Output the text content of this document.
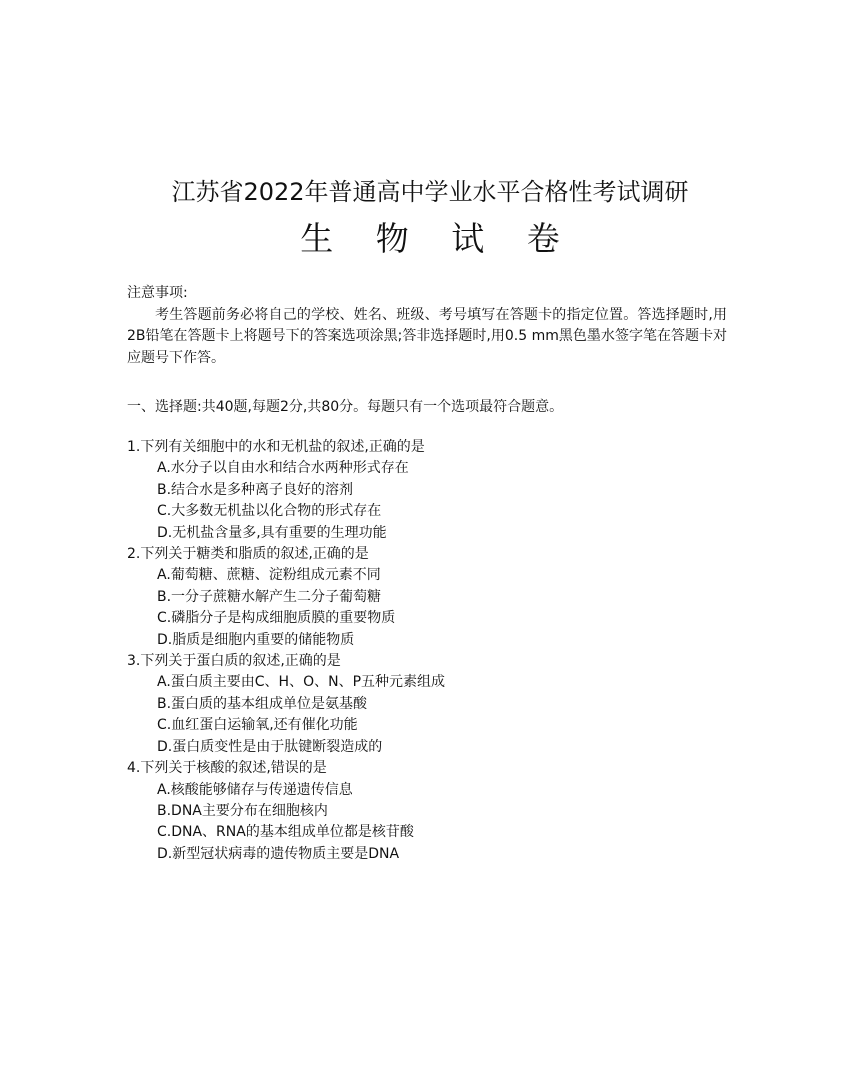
江苏省2022年普通高中学业水平合格性考试调研
生 物 试 卷

注意事项:

考生答题前务必将自己的学校、姓名、班级、考号填写在答题卡的指定位置。答选择题时,用2B铅笔在答题卡上将题号下的答案选项涂黑;答非选择题时,用0.5 mm黑色墨水签字笔在答题卡对应题号下作答。

一、选择题:共40题,每题2分,共80分。每题只有一个选项最符合题意。

1.下列有关细胞中的水和无机盐的叙述,正确的是

A.水分子以自由水和结合水两种形式存在

B.结合水是多种离子良好的溶剂

C.大多数无机盐以化合物的形式存在

D.无机盐含量多,具有重要的生理功能

2.下列关于糖类和脂质的叙述,正确的是

A.葡萄糖、蔗糖、淀粉组成元素不同

B.一分子蔗糖水解产生二分子葡萄糖

C.磷脂分子是构成细胞质膜的重要物质

D.脂质是细胞内重要的储能物质

3.下列关于蛋白质的叙述,正确的是

A.蛋白质主要由C、H、O、N、P五种元素组成

B.蛋白质的基本组成单位是氨基酸

C.血红蛋白运输氧,还有催化功能

D.蛋白质变性是由于肽键断裂造成的

4.下列关于核酸的叙述,错误的是

A.核酸能够储存与传递遗传信息

B.DNA主要分布在细胞核内

C.DNA、RNA的基本组成单位都是核苷酸

D.新型冠状病毒的遗传物质主要是DNA
